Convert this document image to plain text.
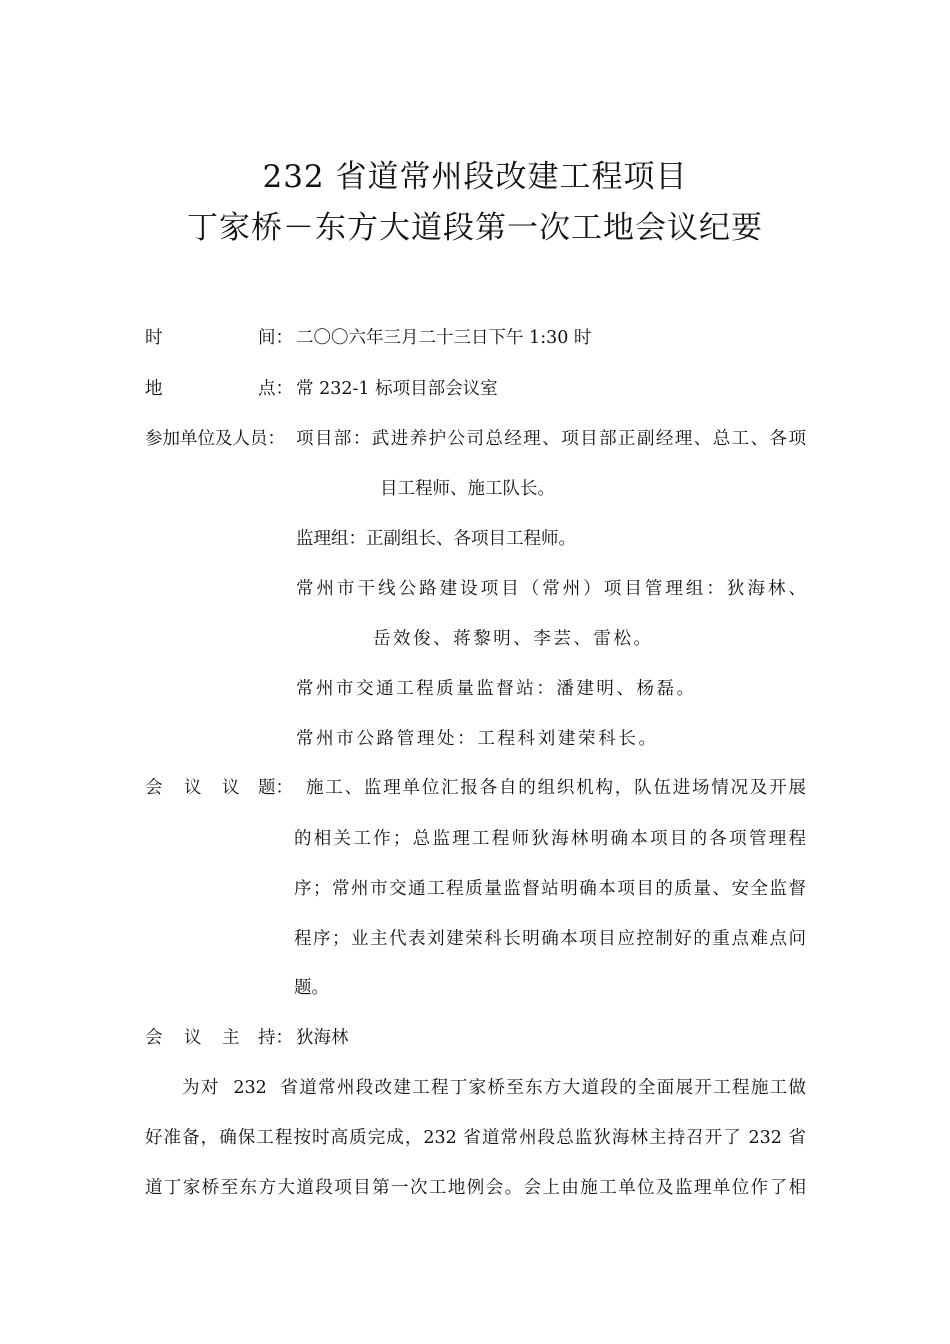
232 省道常州段改建工程项目
丁家桥－东方大道段第一次工地会议纪要
时	间： 二〇〇六年三月二十三日下午 1:30 时
地	点： 常 232-1 标项目部会议室
参加单位及人员： 项目部：武进养护公司总经理、项目部正副经理、总工、各项
目工程师、施工队长。
监理组：正副组长、各项目工程师。
常州市干线公路建设项目（常州）项目管理组：狄海林、
岳效俊、蒋黎明、李芸、雷松。
常州市交通工程质量监督站：潘建明、杨磊。
常州市公路管理处：工程科刘建荣科长。
会 议 议 题： 施工、监理单位汇报各自的组织机构，队伍进场情况及开展
的相关工作；总监理工程师狄海林明确本项目的各项管理程
序；常州市交通工程质量监督站明确本项目的质量、安全监督
程序；业主代表刘建荣科长明确本项目应控制好的重点难点问
题。
会 议 主 持： 狄海林
为对  232  省道常州段改建工程丁家桥至东方大道段的全面展开工程施工做
好准备，确保工程按时高质完成，232 省道常州段总监狄海林主持召开了 232 省
道丁家桥至东方大道段项目第一次工地例会。会上由施工单位及监理单位作了相
